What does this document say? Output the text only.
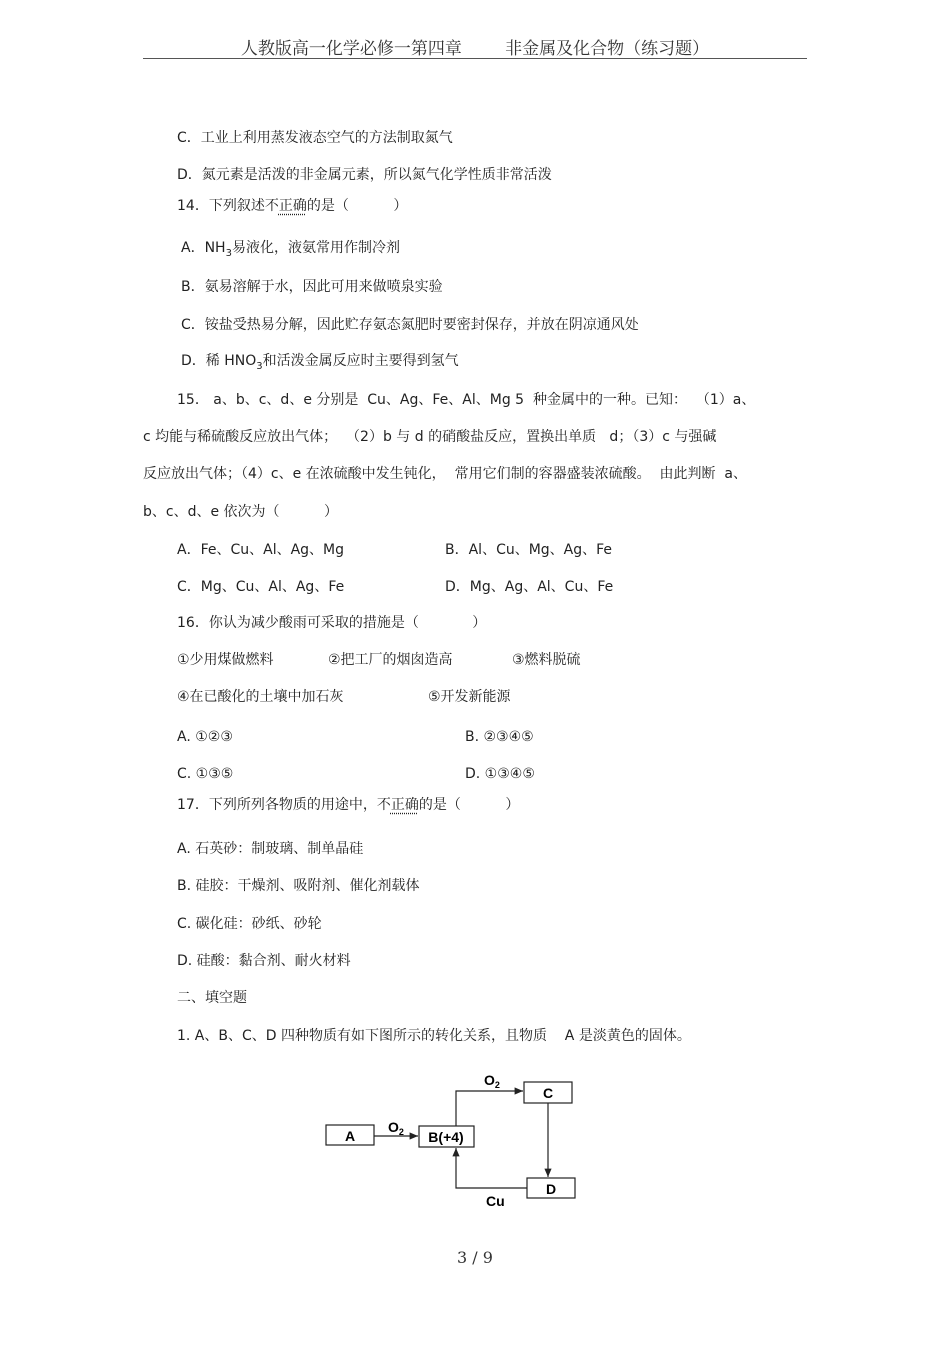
人教版高一化学必修一第四章	非金属及化合物（练习题）
C．工业上利用蒸发液态空气的方法制取氮气
D．氮元素是活泼的非金属元素，所以氮气化学性质非常活泼
14．下列叙述不正确的是（          ）
A．$NH_3$易液化，液氨常用作制冷剂
B．氨易溶解于水，因此可用来做喷泉实验
C．铵盐受热易分解，因此贮存氨态氮肥时要密封保存，并放在阴凉通风处
D．稀 $HNO_3$和活泼金属反应时主要得到氢气
15． a、b、c、d、e 分别是  Cu、Ag、Fe、Al、Mg 5  种金属中的一种。已知：  （1）a、
c 均能与稀硫酸反应放出气体；  （2）b 与 d 的硝酸盐反应，置换出单质   d；（3）c 与强碱
反应放出气体；（4）c、e 在浓硫酸中发生钝化，  常用它们制的容器盛装浓硫酸。  由此判断  a、
b、c、d、e 依次为（          ）
A．Fe、Cu、Al、Ag、Mg	B．Al、Cu、Mg、Ag、Fe
C．Mg、Cu、Al、Ag、Fe	D．Mg、Ag、Al、Cu、Fe
16．你认为减少酸雨可采取的措施是（            ）
①少用煤做燃料	②把工厂的烟囱造高	③燃料脱硫
④在已酸化的土壤中加石灰	⑤开发新能源
A. ①②③	B. ②③④⑤
C. ①③⑤	D. ①③④⑤
17．下列所列各物质的用途中，不正确的是（          ）
A. 石英砂：制玻璃、制单晶硅
B. 硅胶：干燥剂、吸附剂、催化剂载体
C. 碳化硅：砂纸、砂轮
D. 硅酸：黏合剂、耐火材料
二、填空题
1. A、B、C、D 四种物质有如下图所示的转化关系，且物质    A 是淡黄色的固体。
A	B(+4)
C
D
$O_2$
$O_2$
Cu
3 / 9
